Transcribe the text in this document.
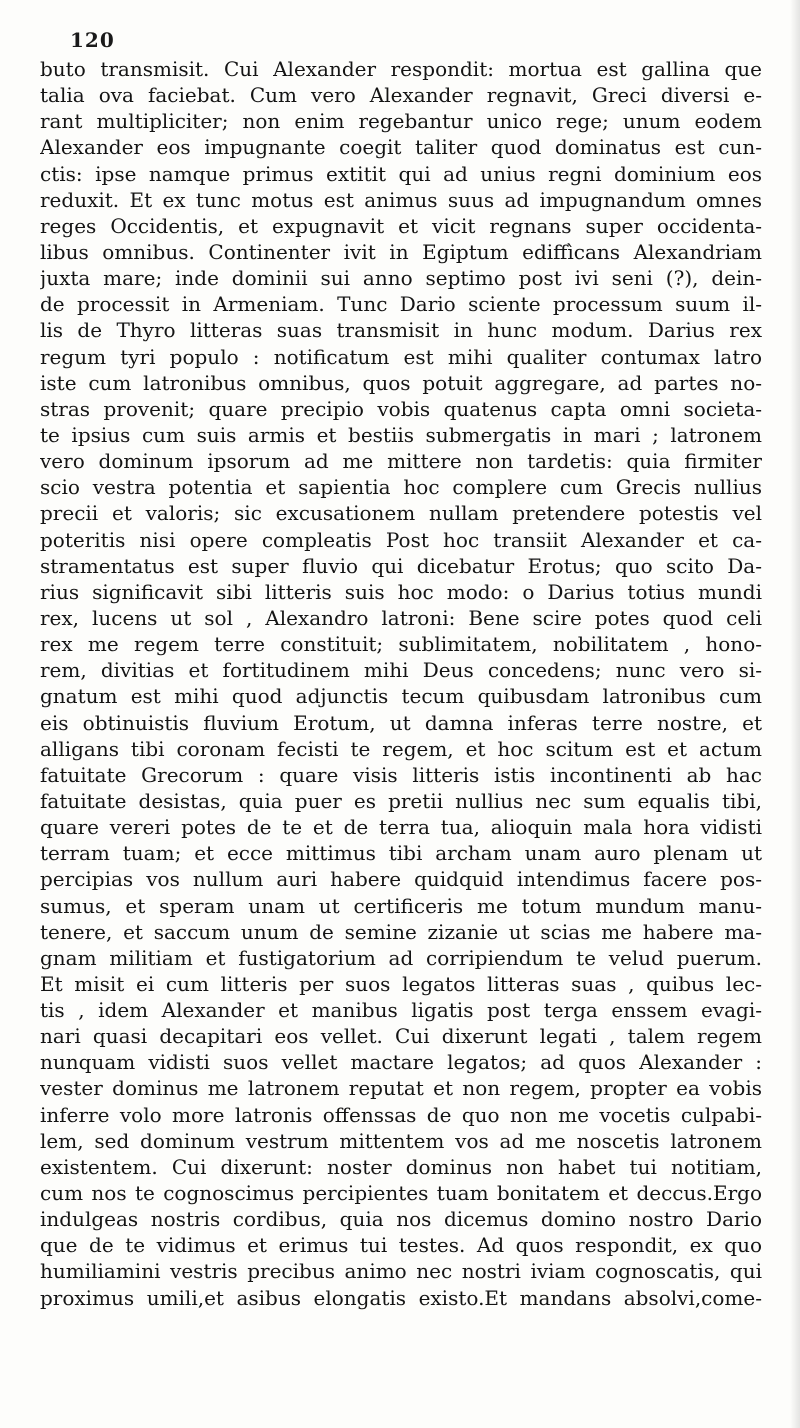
120
buto transmisit. Cui Alexander respondit: mortua est gallina que
talia ova faciebat. Cum vero Alexander regnavit, Greci diversi e-
rant multipliciter; non enim regebantur unico rege; unum eodem
Alexander eos impugnante coegit taliter quod dominatus est cun-
ctis: ipse namque primus extitit qui ad unius regni dominium eos
reduxit. Et ex tunc motus est animus suus ad impugnandum omnes
reges Occidentis, et expugnavit et vicit regnans super occidenta-
libus omnibus. Continenter ivit in Egiptum ediffìcans Alexandriam
juxta mare; inde dominii sui anno septimo post ivi seni (?), dein-
de processit in Armeniam. Tunc Dario sciente processum suum il-
lis de Thyro litteras suas transmisit in hunc modum. Darius rex
regum tyri populo : notificatum est mihi qualiter contumax latro
iste cum latronibus omnibus, quos potuit aggregare, ad partes no-
stras provenit; quare precipio vobis quatenus capta omni societa-
te ipsius cum suis armis et bestiis submergatis in mari ; latronem
vero dominum ipsorum ad me mittere non tardetis: quia firmiter
scio vestra potentia et sapientia hoc complere cum Grecis nullius
precii et valoris; sic excusationem nullam pretendere potestis vel
poteritis nisi opere compleatis Post hoc transiit Alexander et ca-
stramentatus est super fluvio qui dicebatur Erotus; quo scito Da-
rius significavit sibi litteris suis hoc modo: o Darius totius mundi
rex, lucens ut sol , Alexandro latroni: Bene scire potes quod celi
rex me regem terre constituit; sublimitatem, nobilitatem , hono-
rem, divitias et fortitudinem mihi Deus concedens; nunc vero si-
gnatum est mihi quod adjunctis tecum quibusdam latronibus cum
eis obtinuistis fluvium Erotum, ut damna inferas terre nostre, et
alligans tibi coronam fecisti te regem, et hoc scitum est et actum
fatuitate Grecorum : quare visis litteris istis incontinenti ab hac
fatuitate desistas, quia puer es pretii nullius nec sum equalis tibi,
quare vereri potes de te et de terra tua, alioquin mala hora vidisti
terram tuam; et ecce mittimus tibi archam unam auro plenam ut
percipias vos nullum auri habere quidquid intendimus facere pos-
sumus, et speram unam ut certificeris me totum mundum manu-
tenere, et saccum unum de semine zizanie ut scias me habere ma-
gnam militiam et fustigatorium ad corripiendum te velud puerum.
Et misit ei cum litteris per suos legatos litteras suas , quibus lec-
tis , idem Alexander et manibus ligatis post terga enssem evagi-
nari quasi decapitari eos vellet. Cui dixerunt legati , talem regem
nunquam vidisti suos vellet mactare legatos; ad quos Alexander :
vester dominus me latronem reputat et non regem, propter ea vobis
inferre volo more latronis offenssas de quo non me vocetis culpabi-
lem, sed dominum vestrum mittentem vos ad me noscetis latronem
existentem. Cui dixerunt: noster dominus non habet tui notitiam,
cum nos te cognoscimus percipientes tuam bonitatem et deccus.Ergo
indulgeas nostris cordibus, quia nos dicemus domino nostro Dario
que de te vidimus et erimus tui testes. Ad quos respondit, ex quo
humiliamini vestris precibus animo nec nostri iviam cognoscatis, qui
proximus umili,et asibus elongatis existo.Et mandans absolvi,come-
